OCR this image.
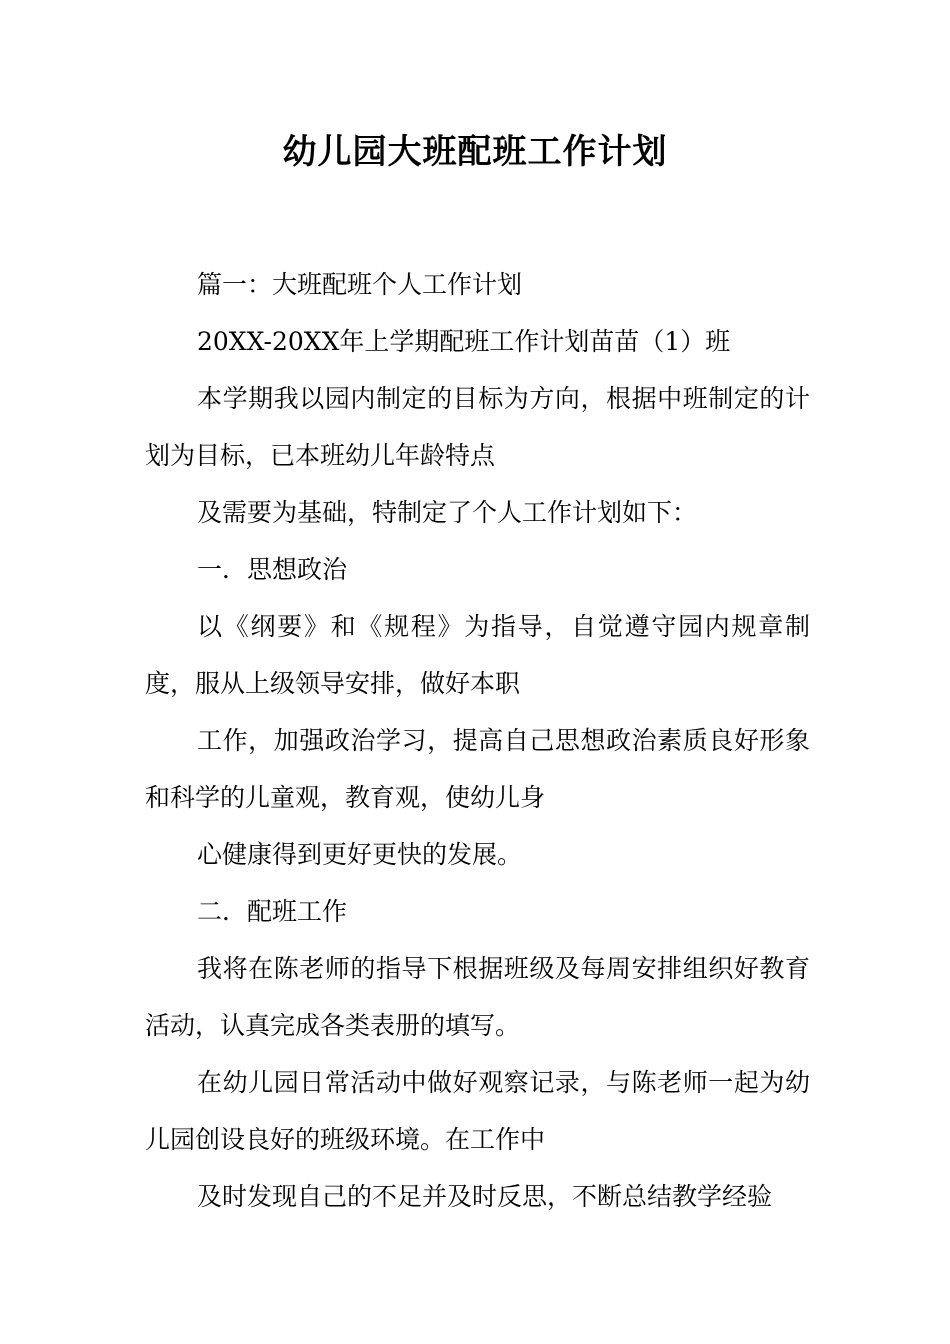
幼儿园大班配班工作计划

篇一：大班配班个人工作计划

20XX-20XX年上学期配班工作计划苗苗（1）班

本学期我以园内制定的目标为方向，根据中班制定的计划为目标，已本班幼儿年龄特点

及需要为基础，特制定了个人工作计划如下：

一．思想政治

以《纲要》和《规程》为指导，自觉遵守园内规章制度，服从上级领导安排，做好本职

工作，加强政治学习，提高自己思想政治素质良好形象和科学的儿童观，教育观，使幼儿身

心健康得到更好更快的发展。

二．配班工作

我将在陈老师的指导下根据班级及每周安排组织好教育活动，认真完成各类表册的填写。

在幼儿园日常活动中做好观察记录，与陈老师一起为幼儿园创设良好的班级环境。在工作中

及时发现自己的不足并及时反思，不断总结教学经验
